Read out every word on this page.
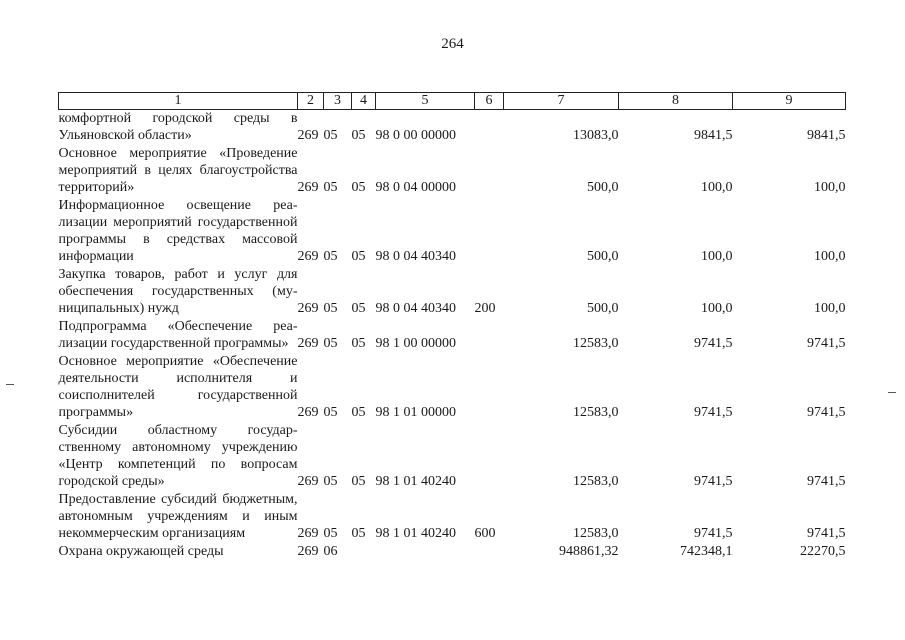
264
1	2	3	4	5	6	7	8	9
комфортной городской среды в Ульяновской области»	269	05	05	98 0 00 00000		13083,0	9841,5	9841,5
Основное мероприятие «Проведение мероприятий в целях благоустройства территорий»	269	05	05	98 0 04 00000		500,0	100,0	100,0
Информационное освещение реализации мероприятий государственной программы в средствах массовой информации	269	05	05	98 0 04 40340		500,0	100,0	100,0
Закупка товаров, работ и услуг для обеспечения государственных (муниципальных) нужд	269	05	05	98 0 04 40340	200	500,0	100,0	100,0
Подпрограмма «Обеспечение реализации государственной программы»	269	05	05	98 1 00 00000		12583,0	9741,5	9741,5
Основное мероприятие «Обеспечение деятельности исполнителя и соисполнителей государственной программы»	269	05	05	98 1 01 00000		12583,0	9741,5	9741,5
Субсидии областному государственному автономному учреждению «Центр компетенций по вопросам городской среды»	269	05	05	98 1 01 40240		12583,0	9741,5	9741,5
Предоставление субсидий бюджетным, автономным учреждениям и иным некоммерческим организациям	269	05	05	98 1 01 40240	600	12583,0	9741,5	9741,5
Охрана окружающей среды	269	06				948861,32	742348,1	22270,5
